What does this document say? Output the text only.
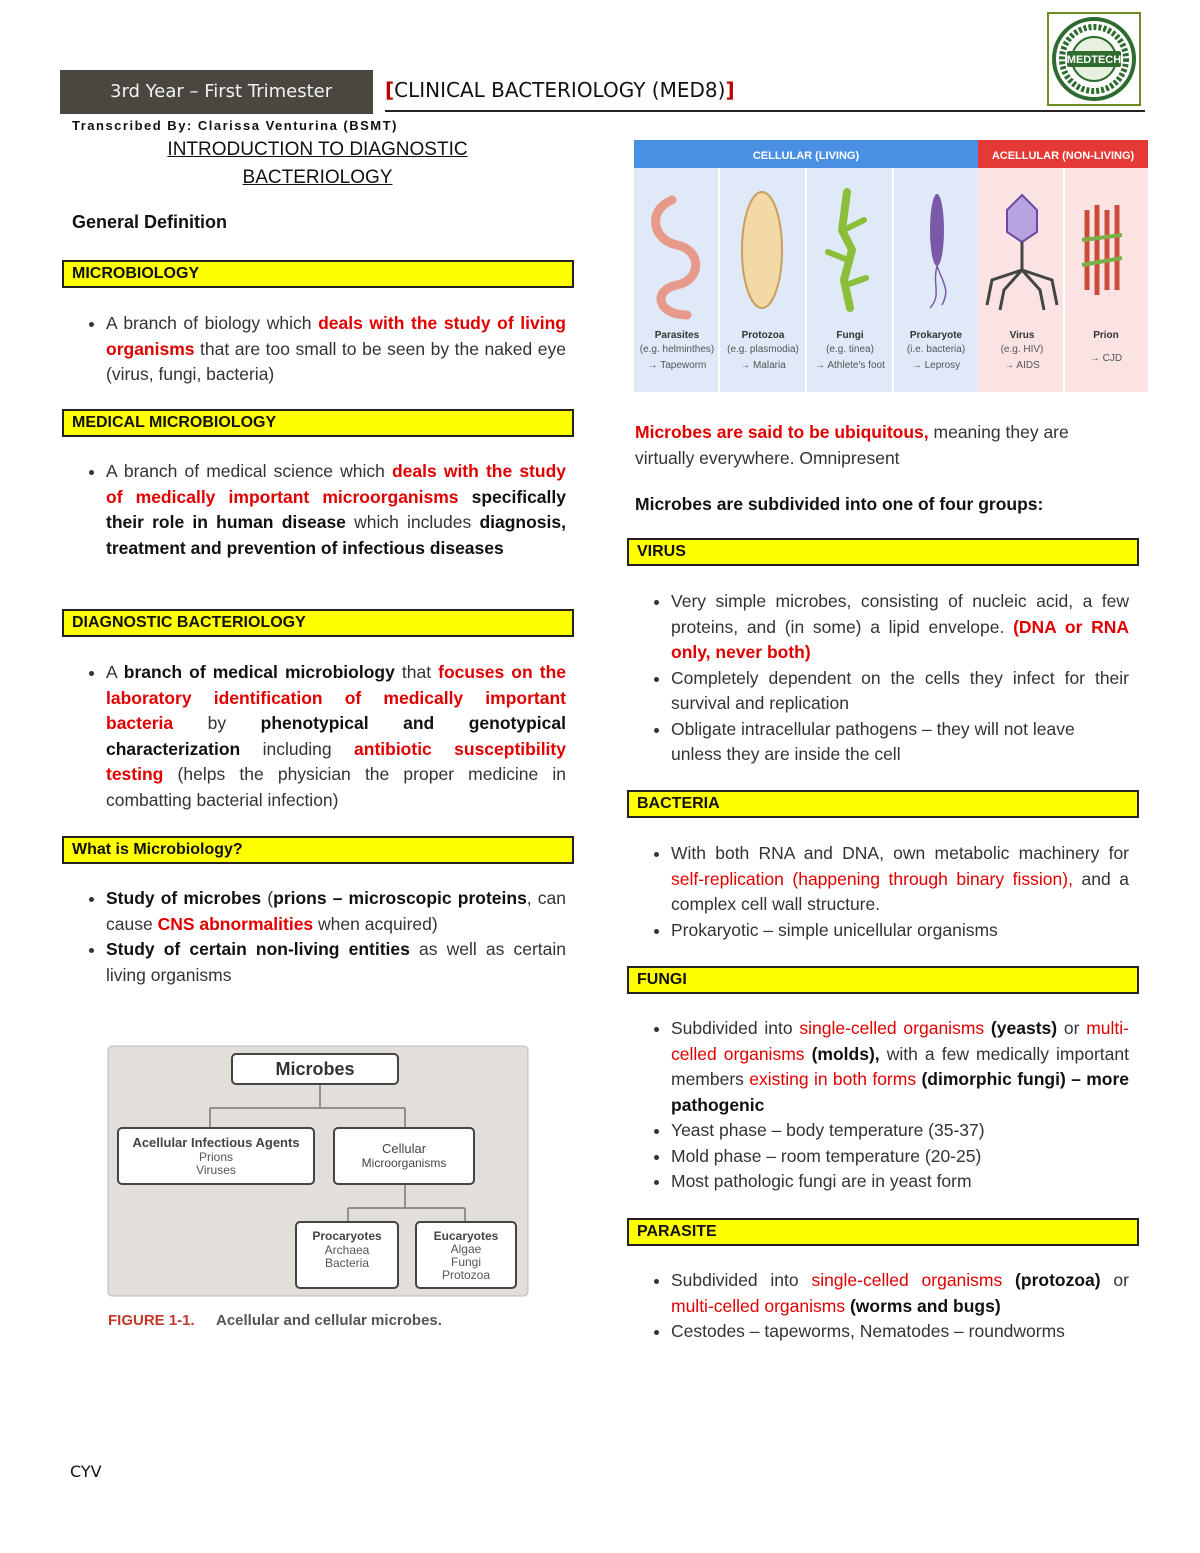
3rd Year – First Trimester	[CLINICAL BACTERIOLOGY (MED8)]
MEDTECH
Transcribed By: Clarissa Venturina (BSMT)
INTRODUCTION TO DIAGNOSTIC
BACTERIOLOGY
General Definition
MICROBIOLOGY
• A branch of biology which deals with the study of living organisms that are too small to be seen by the naked eye (virus, fungi, bacteria)
MEDICAL MICROBIOLOGY
• A branch of medical science which deals with the study of medically important microorganisms specifically their role in human disease which includes diagnosis, treatment and prevention of infectious diseases
DIAGNOSTIC BACTERIOLOGY
• A branch of medical microbiology that focuses on the laboratory identification of medically important bacteria by phenotypical and genotypical characterization including antibiotic susceptibility testing (helps the physician the proper medicine in combatting bacterial infection)
What is Microbiology?
• Study of microbes (prions – microscopic proteins, can cause CNS abnormalities when acquired)
• Study of certain non-living entities as well as certain living organisms
Microbes
Acellular Infectious Agents
Prions
Viruses
Cellular
Microorganisms
Procaryotes
Archaea
Bacteria
Eucaryotes
Algae
Fungi
Protozoa
FIGURE 1-1. Acellular and cellular microbes.
CELLULAR (LIVING)	ACELLULAR (NON-LIVING)
Parasites
(e.g. helminthes)
→ Tapeworm
Protozoa
(e.g. plasmodia)
→ Malaria
Fungi
(e.g. tinea)
→ Athlete's foot
Prokaryote
(i.e. bacteria)
→ Leprosy
Virus
(e.g. HIV)
→ AIDS
Prion
→ CJD
Microbes are said to be ubiquitous, meaning they are virtually everywhere. Omnipresent
Microbes are subdivided into one of four groups:
VIRUS
• Very simple microbes, consisting of nucleic acid, a few proteins, and (in some) a lipid envelope. (DNA or RNA only, never both)
• Completely dependent on the cells they infect for their survival and replication
• Obligate intracellular pathogens – they will not leave unless they are inside the cell
BACTERIA
• With both RNA and DNA, own metabolic machinery for self-replication (happening through binary fission), and a complex cell wall structure.
• Prokaryotic – simple unicellular organisms
FUNGI
• Subdivided into single-celled organisms (yeasts) or multi-celled organisms (molds), with a few medically important members existing in both forms (dimorphic fungi) – more pathogenic
• Yeast phase – body temperature (35-37)
• Mold phase – room temperature (20-25)
• Most pathologic fungi are in yeast form
PARASITE
• Subdivided into single-celled organisms (protozoa) or multi-celled organisms (worms and bugs)
• Cestodes – tapeworms, Nematodes – roundworms
CYV
